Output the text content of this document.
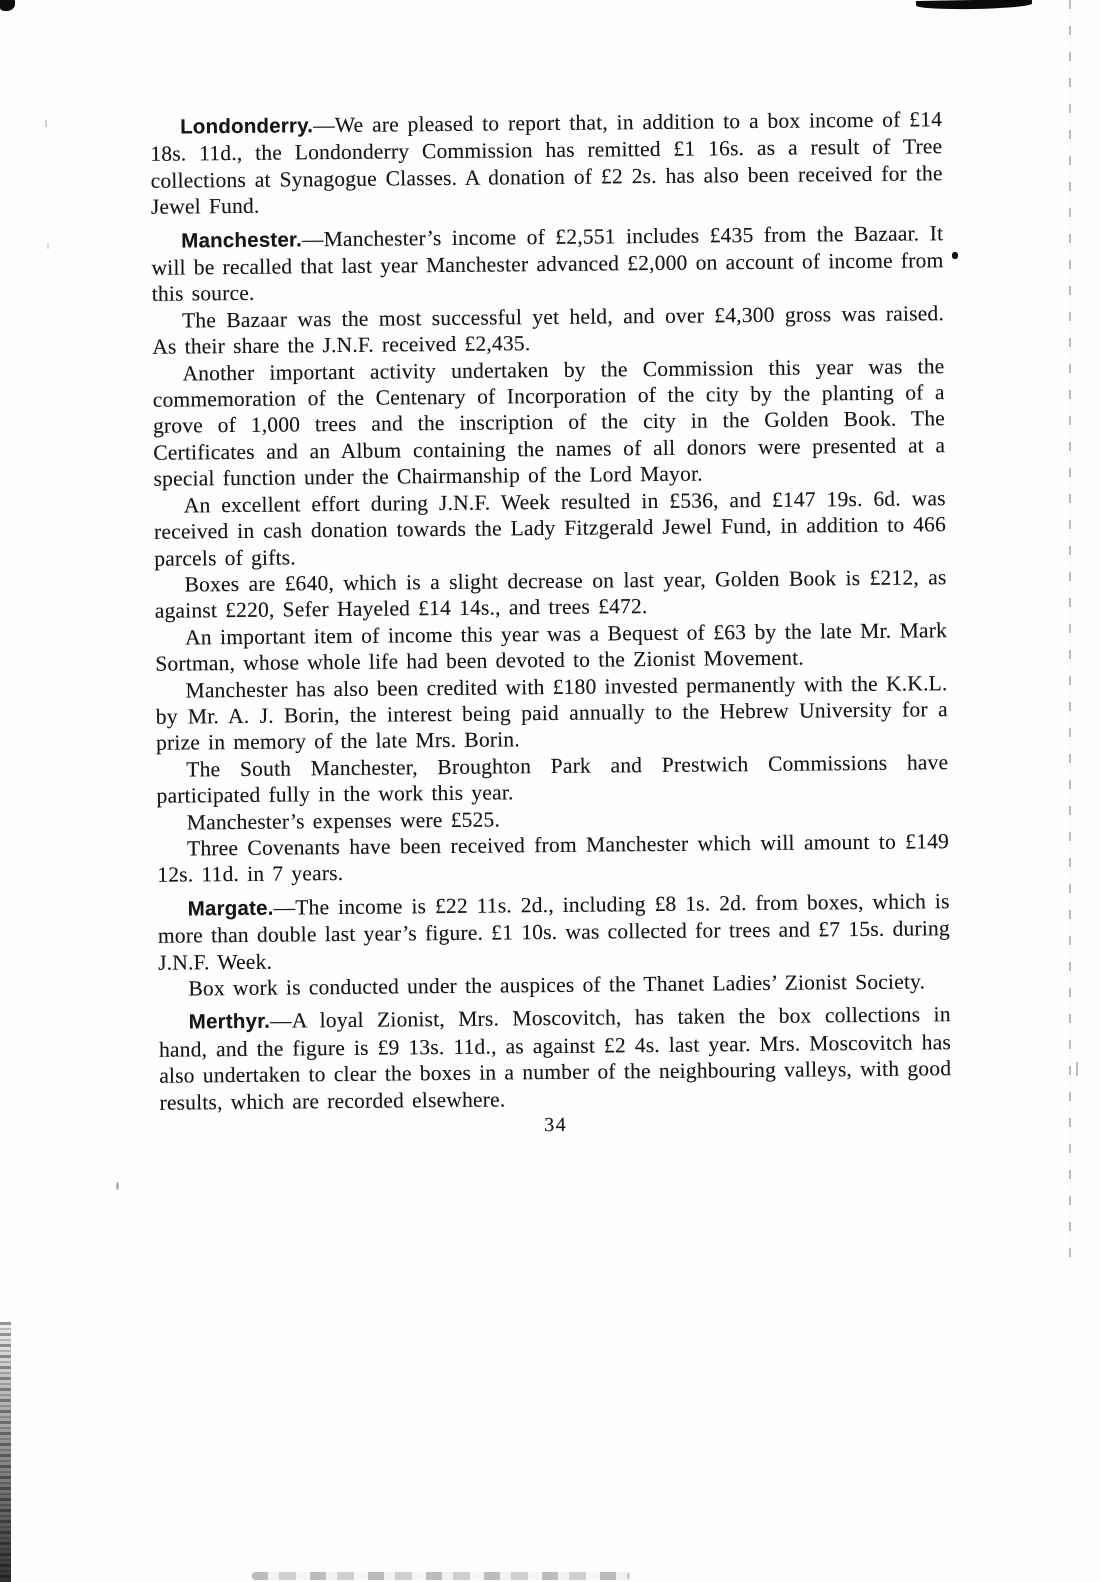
Londonderry.—We are pleased to report that, in addition to a box income of £14 18s. 11d., the Londonderry Commission has remitted £1 16s. as a result of Tree collections at Synagogue Classes. A donation of £2 2s. has also been received for the Jewel Fund.

Manchester.—Manchester’s income of £2,551 includes £435 from the Bazaar. It will be recalled that last year Manchester advanced £2,000 on account of income from this source.

The Bazaar was the most successful yet held, and over £4,300 gross was raised. As their share the J.N.F. received £2,435.

Another important activity undertaken by the Commission this year was the commemoration of the Centenary of Incorporation of the city by the planting of a grove of 1,000 trees and the inscription of the city in the Golden Book. The Certificates and an Album containing the names of all donors were presented at a special function under the Chairmanship of the Lord Mayor.

An excellent effort during J.N.F. Week resulted in £536, and £147 19s. 6d. was received in cash donation towards the Lady Fitzgerald Jewel Fund, in addition to 466 parcels of gifts.

Boxes are £640, which is a slight decrease on last year, Golden Book is £212, as against £220, Sefer Hayeled £14 14s., and trees £472.

An important item of income this year was a Bequest of £63 by the late Mr. Mark Sortman, whose whole life had been devoted to the Zionist Movement.

Manchester has also been credited with £180 invested permanently with the K.K.L. by Mr. A. J. Borin, the interest being paid annually to the Hebrew University for a prize in memory of the late Mrs. Borin.

The South Manchester, Broughton Park and Prestwich Commissions have participated fully in the work this year.

Manchester’s expenses were £525.

Three Covenants have been received from Manchester which will amount to £149 12s. 11d. in 7 years.

Margate.—The income is £22 11s. 2d., including £8 1s. 2d. from boxes, which is more than double last year’s figure. £1 10s. was collected for trees and £7 15s. during J.N.F. Week.

Box work is conducted under the auspices of the Thanet Ladies’ Zionist Society.

Merthyr.—A loyal Zionist, Mrs. Moscovitch, has taken the box collections in hand, and the figure is £9 13s. 11d., as against £2 4s. last year. Mrs. Moscovitch has also undertaken to clear the boxes in a number of the neighbouring valleys, with good results, which are recorded elsewhere.

34
